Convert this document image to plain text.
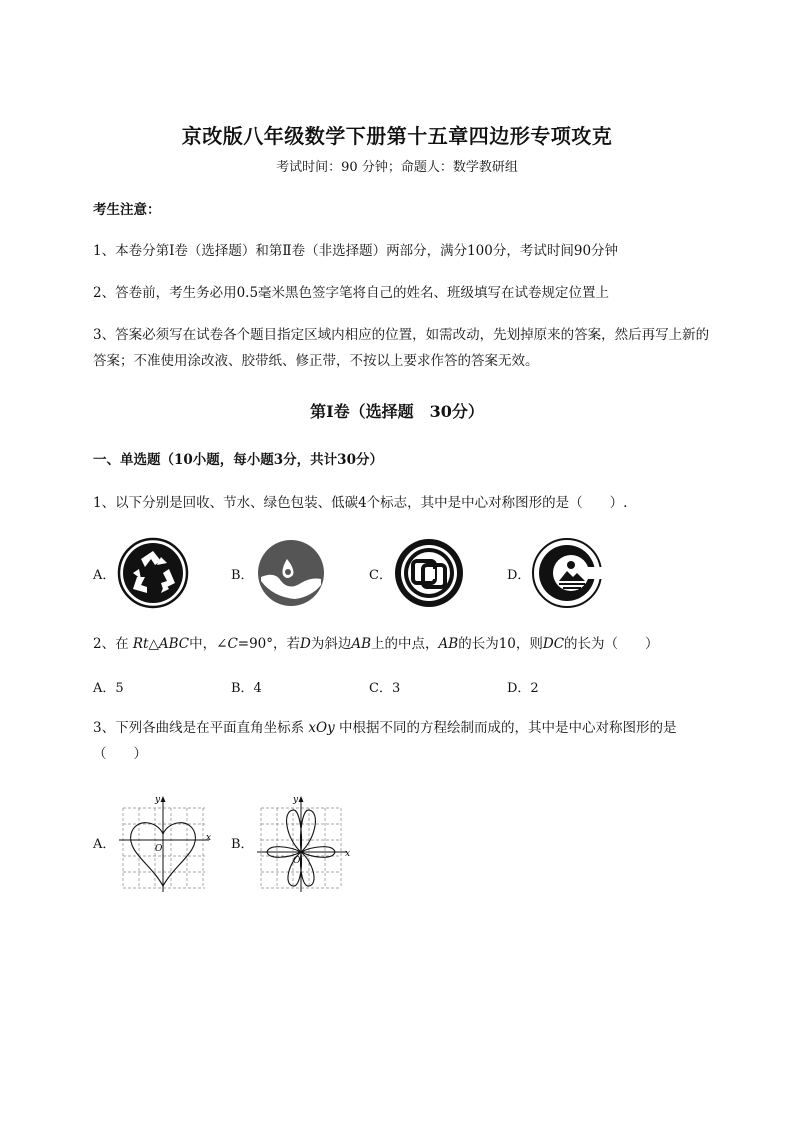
京改版八年级数学下册第十五章四边形专项攻克
考试时间：90 分钟；命题人：数学教研组
考生注意：
1、本卷分第Ⅰ卷（选择题）和第Ⅱ卷（非选择题）两部分，满分100分，考试时间90分钟
2、答卷前，考生务必用0.5毫米黑色签字笔将自己的姓名、班级填写在试卷规定位置上
3、答案必须写在试卷各个题目指定区域内相应的位置，如需改动，先划掉原来的答案，然后再写上新的答案；不准使用涂改液、胶带纸、修正带，不按以上要求作答的答案无效。
第Ⅰ卷（选择题　30分）
一、单选题（10小题，每小题3分，共计30分）
1、以下分别是回收、节水、绿色包装、低碳4个标志，其中是中心对称图形的是（　　）.
A．	B．	C．	D．
2、在 Rt△ABC中，∠C=90°，若D为斜边AB上的中点，AB的长为10，则DC的长为（　　）
A．5	B．4	C．3	D．2
3、下列各曲线是在平面直角坐标系 xOy 中根据不同的方程绘制而成的，其中是中心对称图形的是
（　　）
A．
y
x
O	B．
y
x
O
